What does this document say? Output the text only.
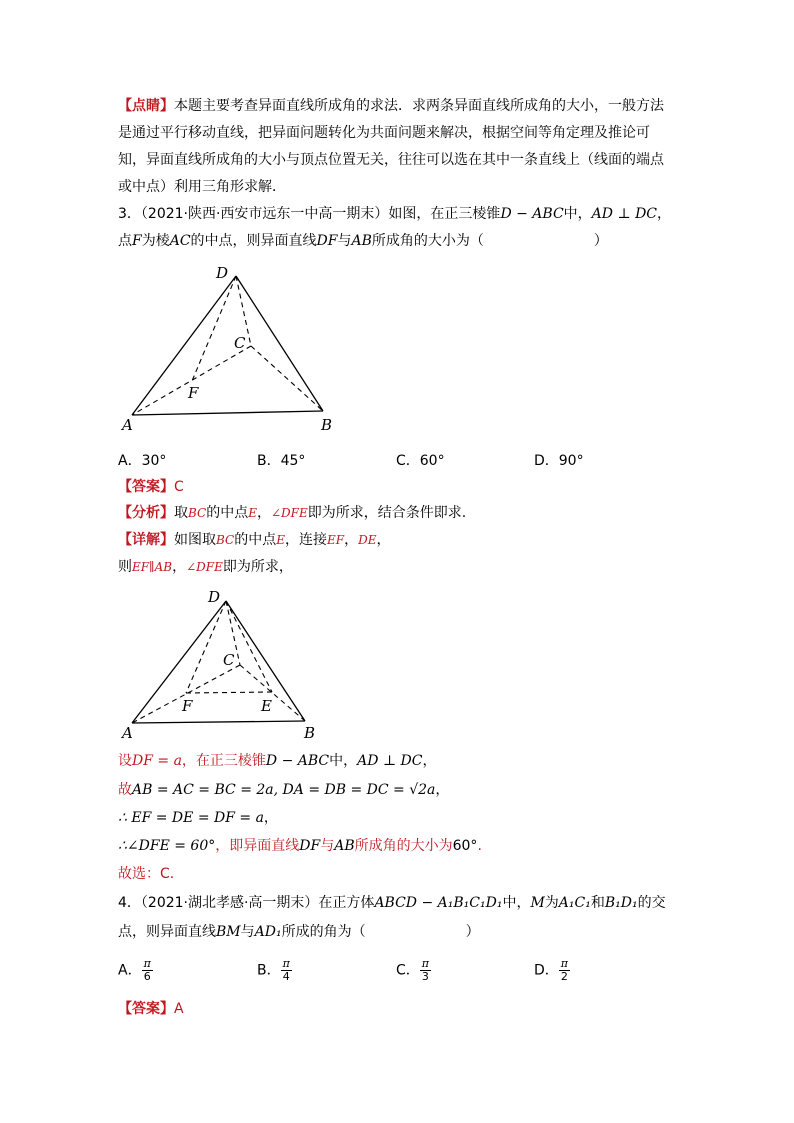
【点睛】本题主要考查异面直线所成角的求法．求两条异面直线所成角的大小，一般方法
是通过平行移动直线，把异面问题转化为共面问题来解决，根据空间等角定理及推论可
知，异面直线所成角的大小与顶点位置无关，往往可以选在其中一条直线上（线面的端点
或中点）利用三角形求解．
3．（2021·陕西·西安市远东一中高一期末）如图，在正三棱锥D − ABC中，AD ⊥ DC，
点F为棱AC的中点，则异面直线DF与AB所成角的大小为（	）
D
C
F
A	B
A．30°	B．45°	C．60°	D．90°
【答案】C
【分析】取BC的中点E，∠DFE即为所求，结合条件即求.
【详解】如图取BC的中点E，连接EF，DE，
则EF∥AB，∠DFE即为所求，
D
C
F	E
A	B
设DF = a，在正三棱锥D − ABC中，AD ⊥ DC，
故AB = AC = BC = 2a, DA = DB = DC = √2a，
∴ EF = DE = DF = a，
∴∠DFE = 60°，即异面直线DF与AB所成角的大小为60°.
故选：C.
4．（2021·湖北孝感·高一期末）在正方体ABCD − A₁B₁C₁D₁中，M为A₁C₁和B₁D₁的交
点，则异面直线BM与AD₁所成的角为（	）
A． $\frac{\pi}{6}$	B． $\frac{\pi}{4}$	C． $\frac{\pi}{3}$	D． $\frac{\pi}{2}$
【答案】A
